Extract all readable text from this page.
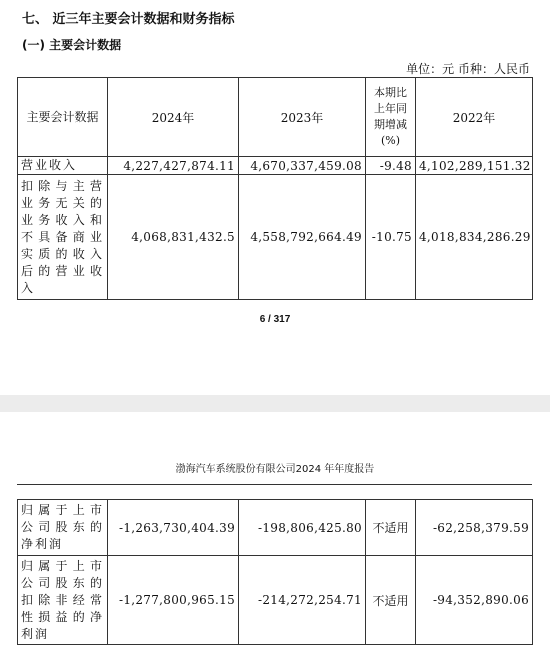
七、 近三年主要会计数据和财务指标
(一) 主要会计数据
单位：元 币种：人民币
主要会计数据	2024年	2023年	本期比上年同期增减(%)	2022年
营业收入	4,227,427,874.11	4,670,337,459.08	-9.48	4,102,289,151.32
扣除与主营业务无关的业务收入和不具备商业实质的收入后的营业收入	4,068,831,432.5	4,558,792,664.49	-10.75	4,018,834,286.29
6 / 317
渤海汽车系统股份有限公司2024 年年度报告
归属于上市公司股东的净利润	-1,263,730,404.39	-198,806,425.80	不适用	-62,258,379.59
归属于上市公司股东的扣除非经常性损益的净利润	-1,277,800,965.15	-214,272,254.71	不适用	-94,352,890.06
